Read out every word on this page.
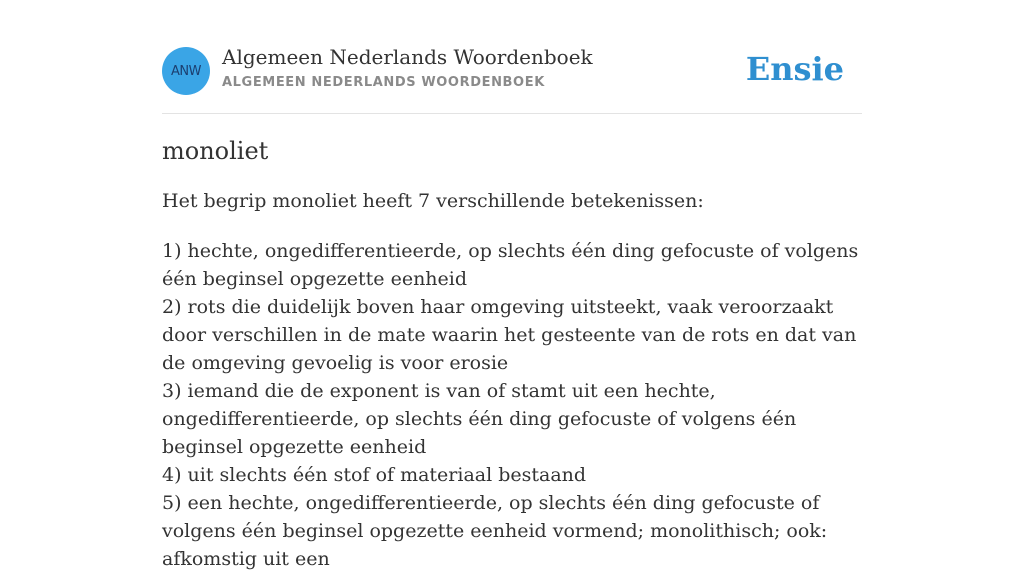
ANW
Algemeen Nederlands Woordenboek
ALGEMEEN NEDERLANDS WOORDENBOEK	Ensie
monoliet

Het begrip monoliet heeft 7 verschillende betekenissen:

1) hechte, ongedifferentieerde, op slechts één ding gefocuste of volgens één beginsel opgezette eenheid
2) rots die duidelijk boven haar omgeving uitsteekt, vaak veroorzaakt door verschillen in de mate waarin het gesteente van de rots en dat van de omgeving gevoelig is voor erosie
3) iemand die de exponent is van of stamt uit een hechte, ongedifferentieerde, op slechts één ding gefocuste of volgens één beginsel opgezette eenheid
4) uit slechts één stof of materiaal bestaand
5) een hechte, ongedifferentieerde, op slechts één ding gefocuste of volgens één beginsel opgezette eenheid vormend; monolithisch; ook: afkomstig uit een
